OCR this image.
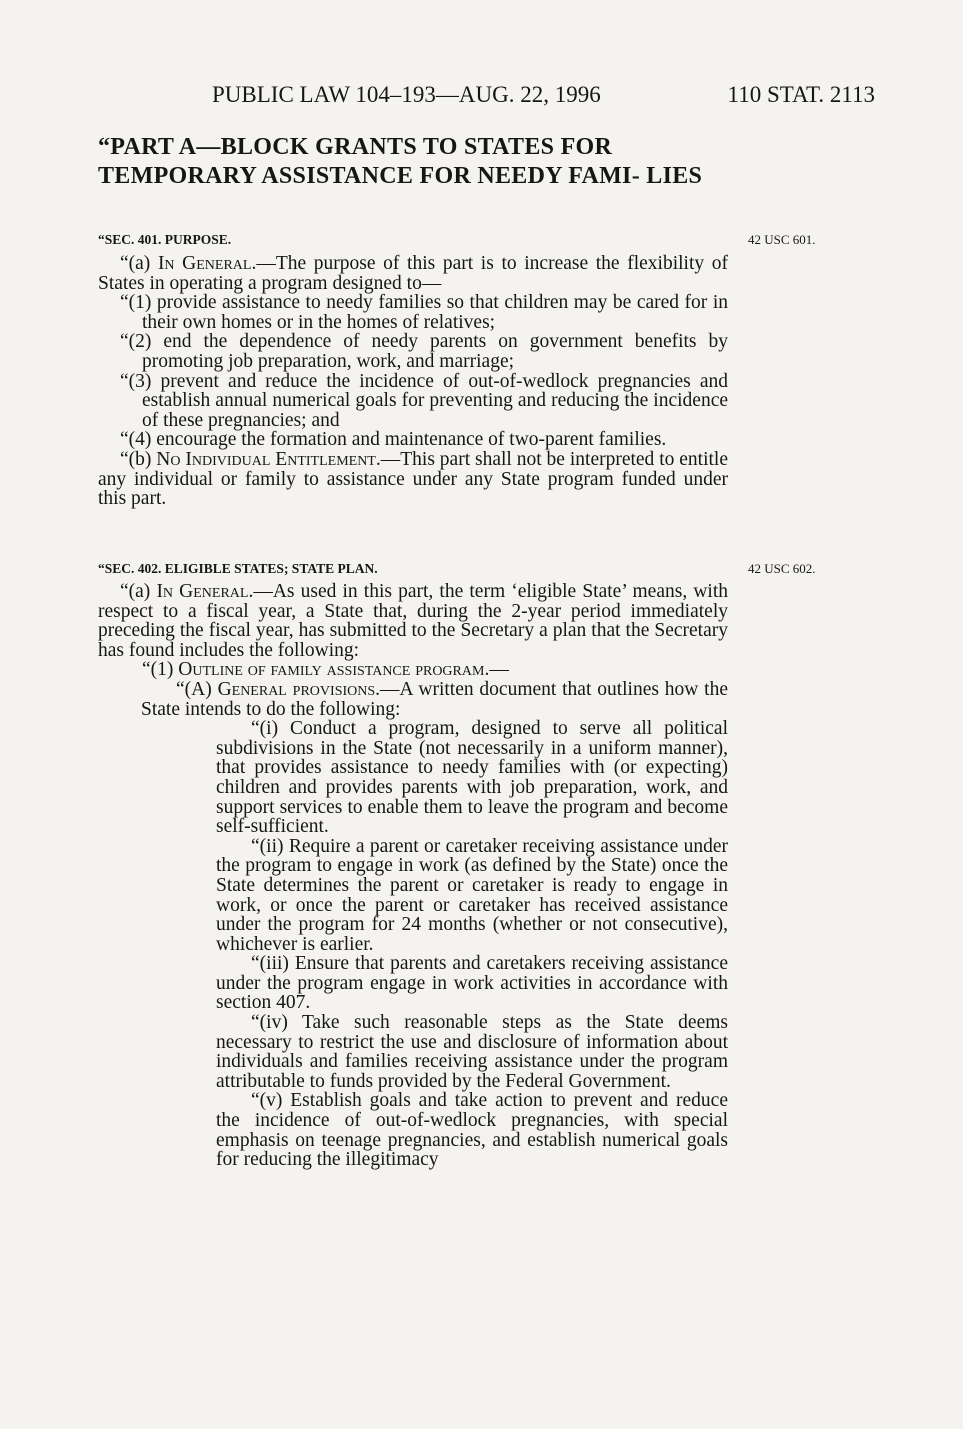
PUBLIC LAW 104–193—AUG. 22, 1996	110 STAT. 2113
“PART A—BLOCK GRANTS TO STATES FOR TEMPORARY ASSISTANCE FOR NEEDY FAMI- LIES
“SEC. 401. PURPOSE.	42 USC 601.

“(a) In General.—The purpose of this part is to increase the flexibility of States in operating a program designed to—

“(1) provide assistance to needy families so that children may be cared for in their own homes or in the homes of relatives;

“(2) end the dependence of needy parents on government benefits by promoting job preparation, work, and marriage;

“(3) prevent and reduce the incidence of out-of-wedlock pregnancies and establish annual numerical goals for preventing and reducing the incidence of these pregnancies; and

“(4) encourage the formation and maintenance of two-parent families.

“(b) No Individual Entitlement.—This part shall not be interpreted to entitle any individual or family to assistance under any State program funded under this part.

“SEC. 402. ELIGIBLE STATES; STATE PLAN.	42 USC 602.

“(a) In General.—As used in this part, the term ‘eligible State’ means, with respect to a fiscal year, a State that, during the 2-year period immediately preceding the fiscal year, has submitted to the Secretary a plan that the Secretary has found includes the following:

“(1) Outline of family assistance program.—

“(A) General provisions.—A written document that outlines how the State intends to do the following:

“(i) Conduct a program, designed to serve all political subdivisions in the State (not necessarily in a uniform manner), that provides assistance to needy families with (or expecting) children and provides parents with job preparation, work, and support services to enable them to leave the program and become self-sufficient.

“(ii) Require a parent or caretaker receiving assistance under the program to engage in work (as defined by the State) once the State determines the parent or caretaker is ready to engage in work, or once the parent or caretaker has received assistance under the program for 24 months (whether or not consecutive), whichever is earlier.

“(iii) Ensure that parents and caretakers receiving assistance under the program engage in work activities in accordance with section 407.

“(iv) Take such reasonable steps as the State deems necessary to restrict the use and disclosure of information about individuals and families receiving assistance under the program attributable to funds provided by the Federal Government.

“(v) Establish goals and take action to prevent and reduce the incidence of out-of-wedlock pregnancies, with special emphasis on teenage pregnancies, and establish numerical goals for reducing the illegitimacy
